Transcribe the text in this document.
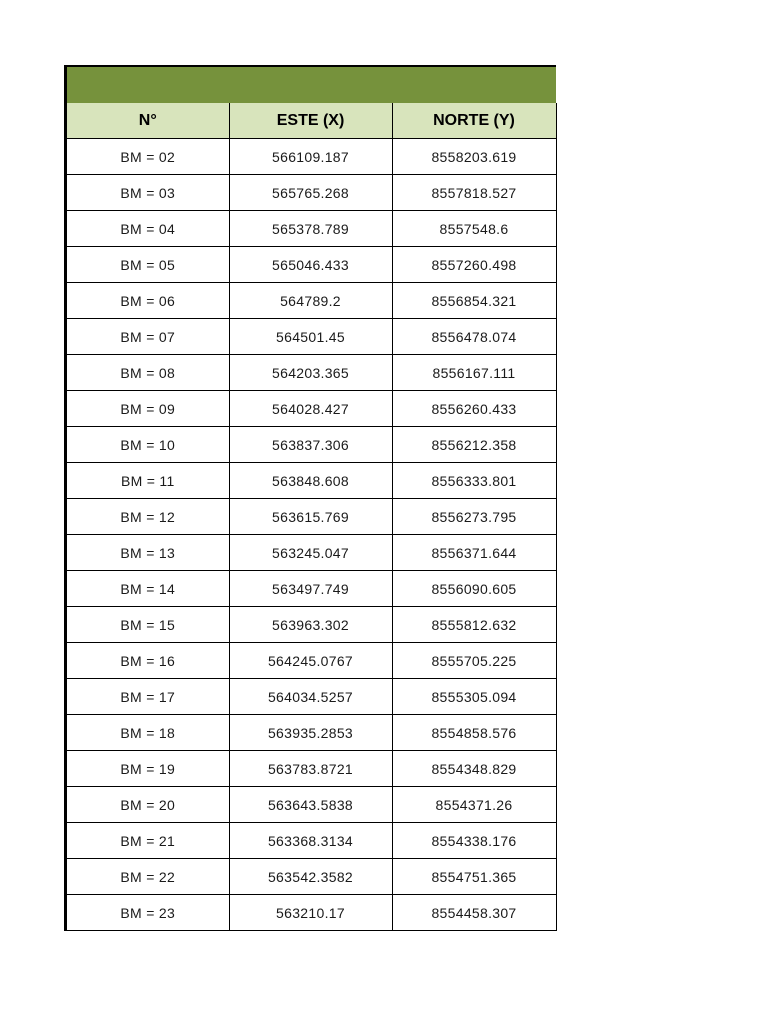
N°	ESTE (X)	NORTE (Y)
BM = 02	566109.187	8558203.619
BM = 03	565765.268	8557818.527
BM = 04	565378.789	8557548.6
BM = 05	565046.433	8557260.498
BM = 06	564789.2	8556854.321
BM = 07	564501.45	8556478.074
BM = 08	564203.365	8556167.111
BM = 09	564028.427	8556260.433
BM = 10	563837.306	8556212.358
BM = 11	563848.608	8556333.801
BM = 12	563615.769	8556273.795
BM = 13	563245.047	8556371.644
BM = 14	563497.749	8556090.605
BM = 15	563963.302	8555812.632
BM = 16	564245.0767	8555705.225
BM = 17	564034.5257	8555305.094
BM = 18	563935.2853	8554858.576
BM = 19	563783.8721	8554348.829
BM = 20	563643.5838	8554371.26
BM = 21	563368.3134	8554338.176
BM = 22	563542.3582	8554751.365
BM = 23	563210.17	8554458.307
